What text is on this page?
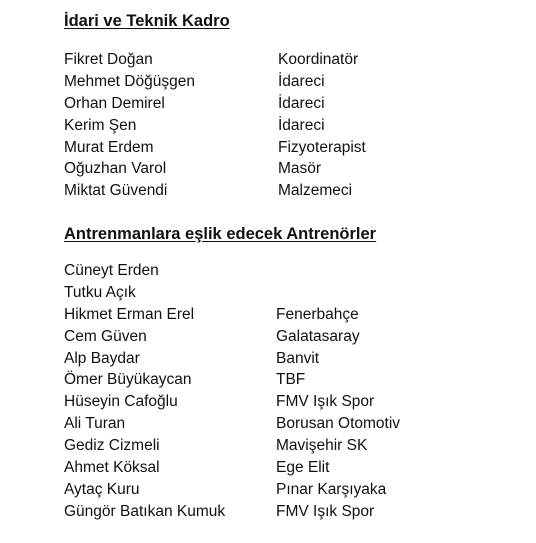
İdari ve Teknik Kadro
Fikret Doğan	Koordinatör
Mehmet Döğüşgen	İdareci
Orhan Demirel	İdareci
Kerim Şen	İdareci
Murat Erdem	Fizyoterapist
Oğuzhan Varol	Masör
Miktat Güvendi	Malzemeci
Antrenmanlara eşlik edecek Antrenörler
Cüneyt Erden
Tutku Açık
Hikmet Erman Erel	Fenerbahçe
Cem Güven	Galatasaray
Alp Baydar	Banvit
Ömer Büyükaycan	TBF
Hüseyin Cafoğlu	FMV Işık Spor
Ali Turan	Borusan Otomotiv
Gediz Cizmeli	Mavişehir SK
Ahmet Köksal	Ege Elit
Aytaç Kuru	Pınar Karşıyaka
Güngör Batıkan Kumuk	FMV Işık Spor
